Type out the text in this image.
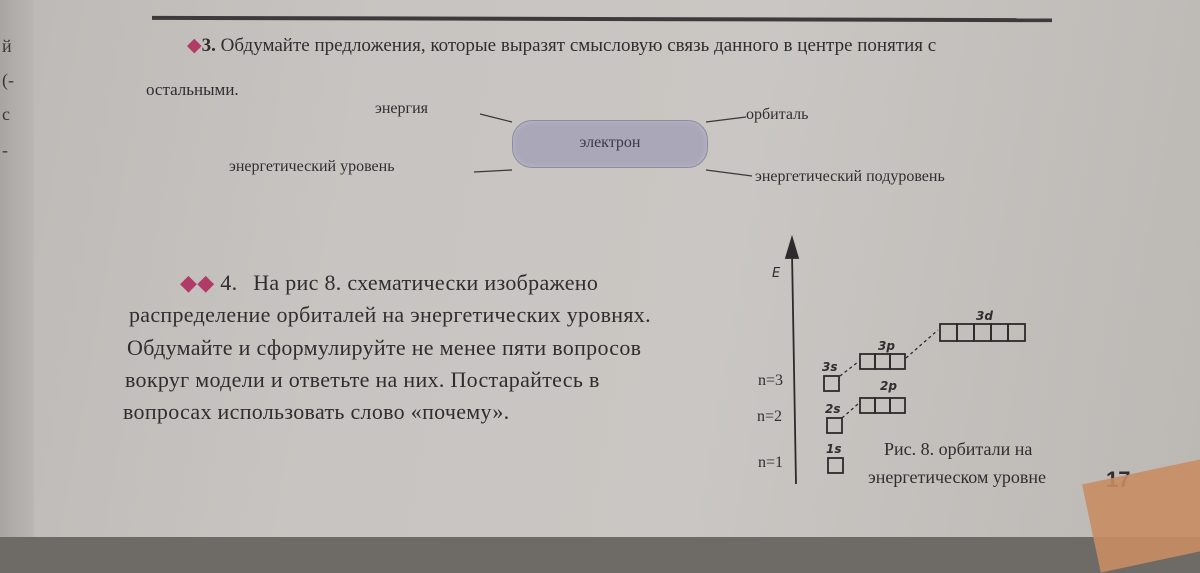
й
(-
с
-
◆3. Обдумайте предложения, которые выразят смысловую связь данного в центре понятия с
остальными.
энергия	орбиталь
энергетический уровень
энергетический подуровень
электрон
◆◆ 4. На рис 8. схематически изображено
распределение орбиталей на энергетических уровнях.
Обдумайте и сформулируйте не менее пяти вопросов
вокруг модели и ответьте на них. Постарайтесь в
вопросах использовать слово «почему».
E
n=3
n=2
n=1
3d
3p
3s
2p
2s
1s Рис. 8. орбитали на
энергетическом уровне
